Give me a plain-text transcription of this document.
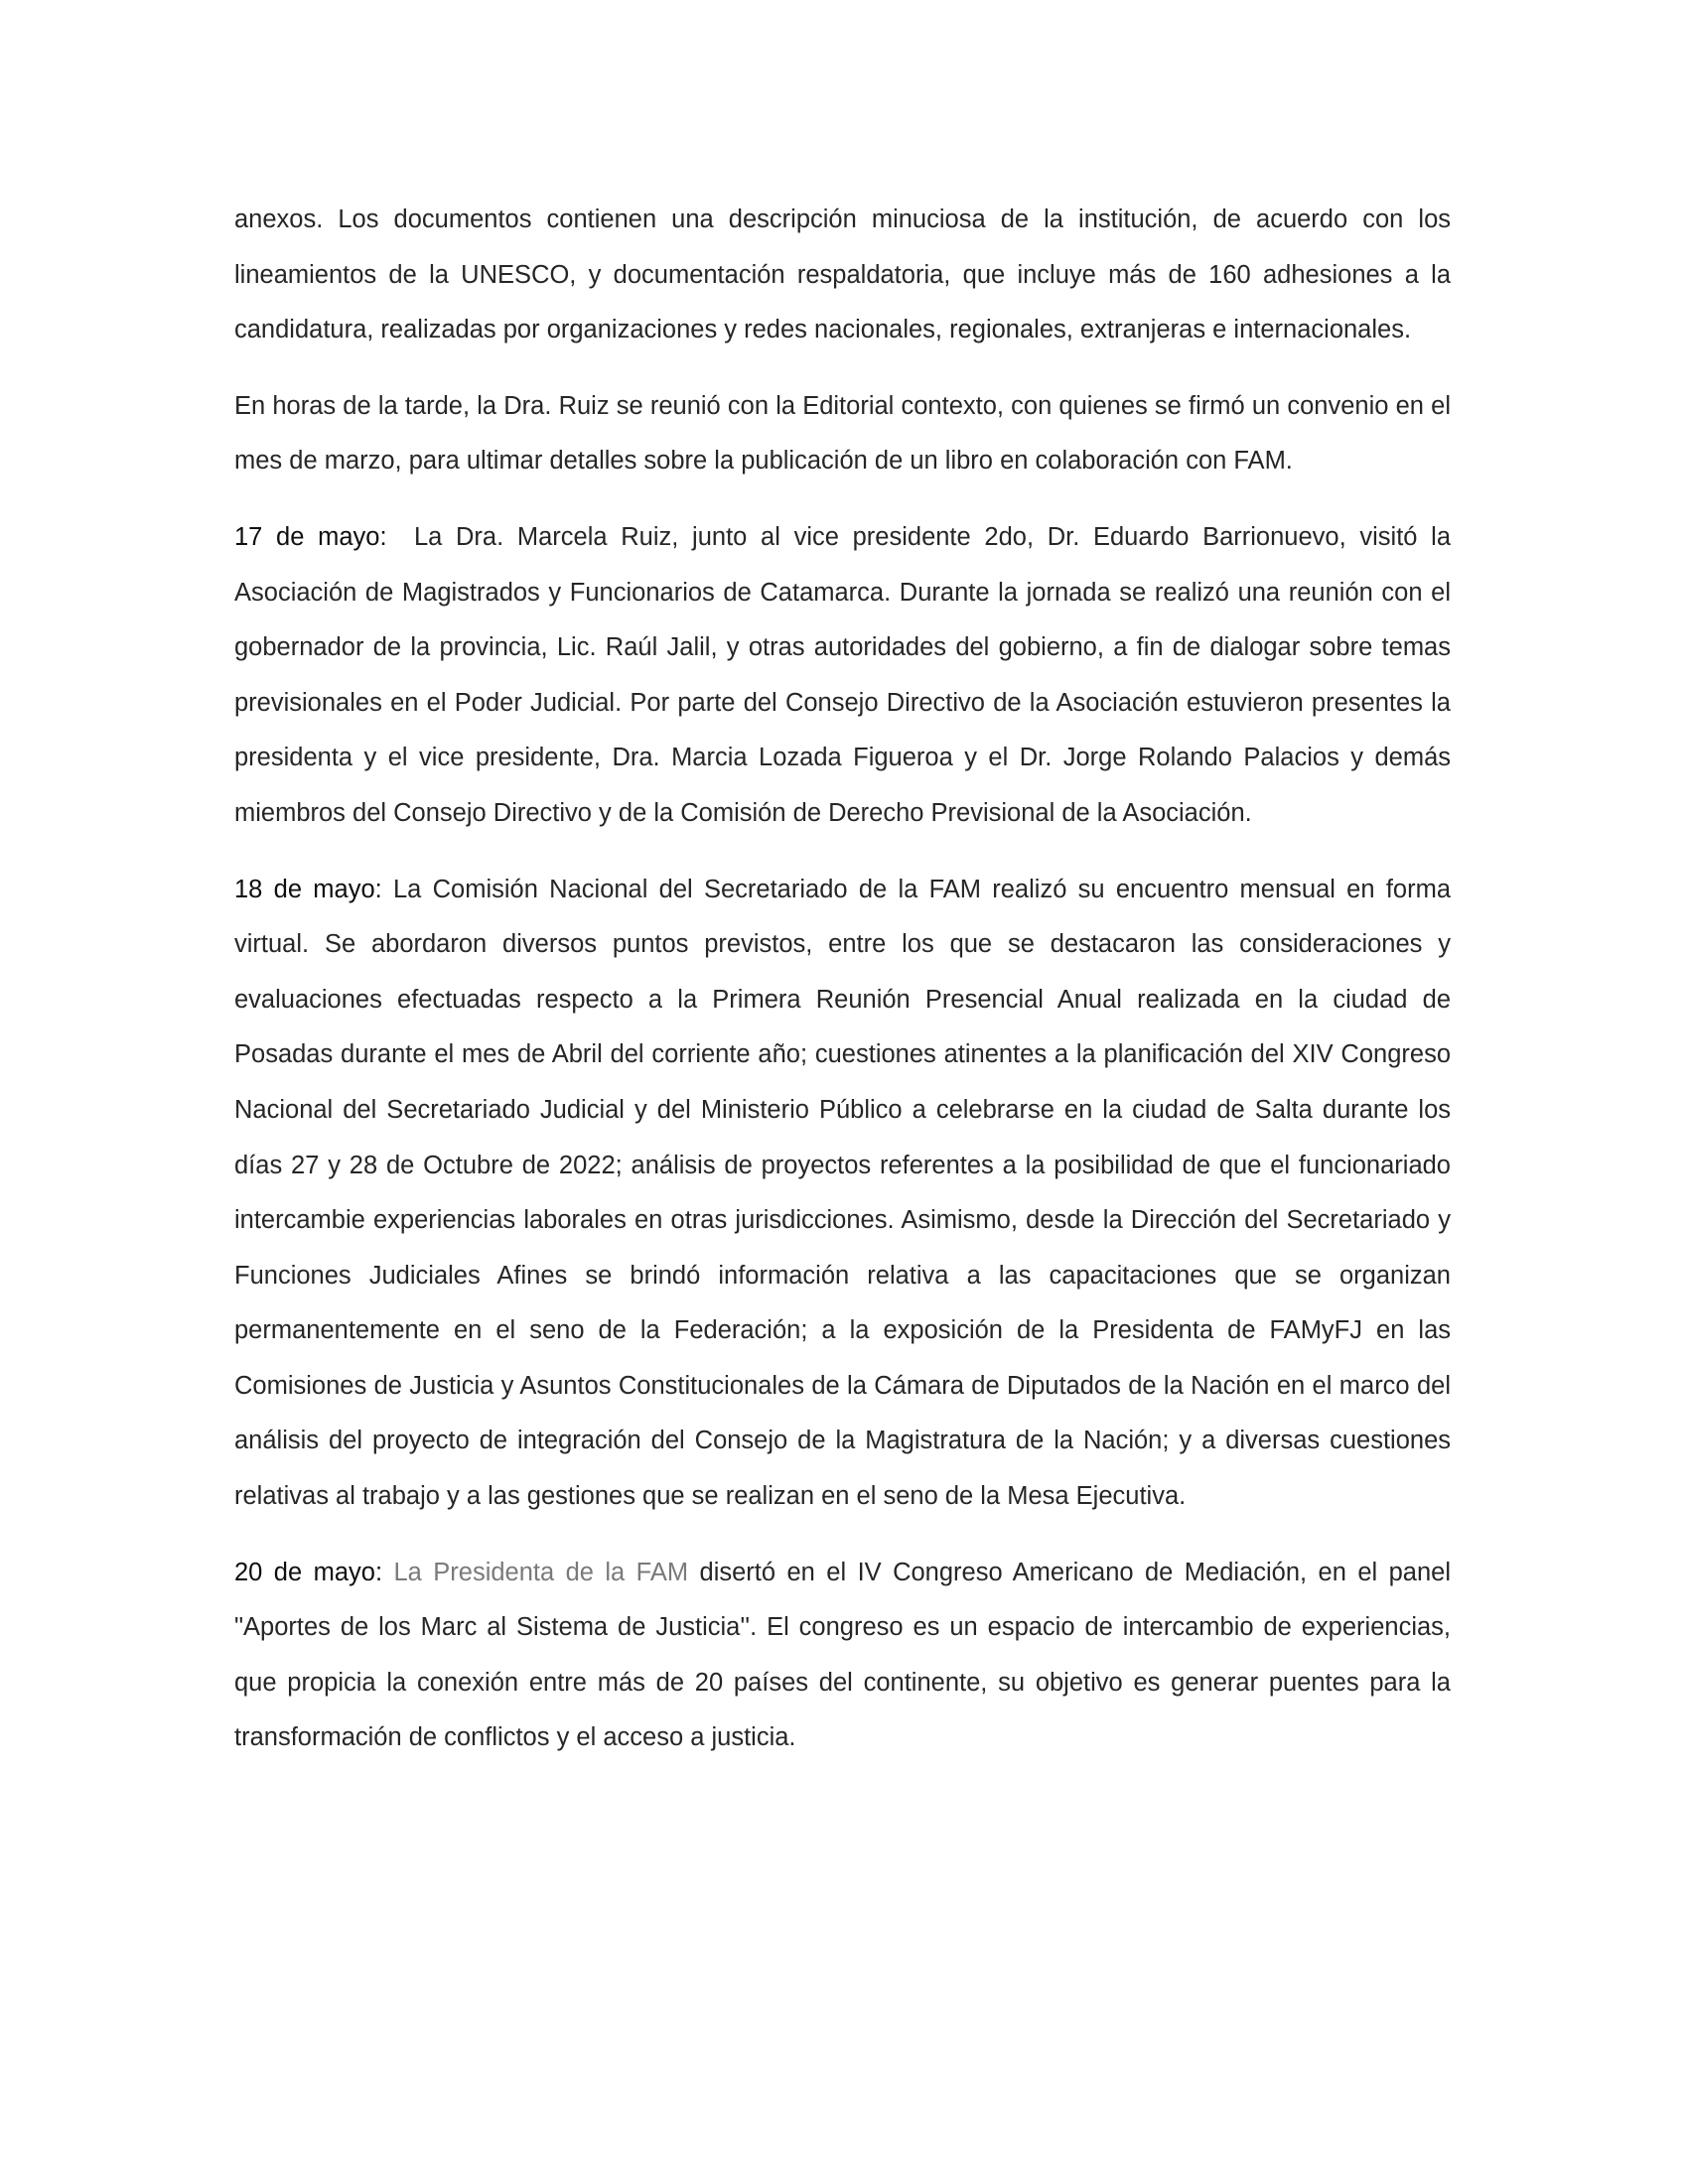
anexos. Los documentos contienen una descripción minuciosa de la institución, de acuerdo con los lineamientos de la UNESCO, y documentación respaldatoria, que incluye más de 160 adhesiones a la candidatura, realizadas por organizaciones y redes nacionales, regionales, extranjeras e internacionales.

En horas de la tarde, la Dra. Ruiz se reunió con la Editorial contexto, con quienes se firmó un convenio en el mes de marzo, para ultimar detalles sobre la publicación de un libro en colaboración con FAM.

17 de mayo: La Dra. Marcela Ruiz, junto al vice presidente 2do, Dr. Eduardo Barrionuevo, visitó la Asociación de Magistrados y Funcionarios de Catamarca. Durante la jornada se realizó una reunión con el gobernador de la provincia, Lic. Raúl Jalil, y otras autoridades del gobierno, a fin de dialogar sobre temas previsionales en el Poder Judicial. Por parte del Consejo Directivo de la Asociación estuvieron presentes la presidenta y el vice presidente, Dra. Marcia Lozada Figueroa y el Dr. Jorge Rolando Palacios y demás miembros del Consejo Directivo y de la Comisión de Derecho Previsional de la Asociación.

18 de mayo: La Comisión Nacional del Secretariado de la FAM realizó su encuentro mensual en forma virtual. Se abordaron diversos puntos previstos, entre los que se destacaron las consideraciones y evaluaciones efectuadas respecto a la Primera Reunión Presencial Anual realizada en la ciudad de Posadas durante el mes de Abril del corriente año; cuestiones atinentes a la planificación del XIV Congreso Nacional del Secretariado Judicial y del Ministerio Público a celebrarse en la ciudad de Salta durante los días 27 y 28 de Octubre de 2022; análisis de proyectos referentes a la posibilidad de que el funcionariado intercambie experiencias laborales en otras jurisdicciones. Asimismo, desde la Dirección del Secretariado y Funciones Judiciales Afines se brindó información relativa a las capacitaciones que se organizan permanentemente en el seno de la Federación; a la exposición de la Presidenta de FAMyFJ en las Comisiones de Justicia y Asuntos Constitucionales de la Cámara de Diputados de la Nación en el marco del análisis del proyecto de integración del Consejo de la Magistratura de la Nación; y a diversas cuestiones relativas al trabajo y a las gestiones que se realizan en el seno de la Mesa Ejecutiva.

20 de mayo: La Presidenta de la FAM disertó en el IV Congreso Americano de Mediación, en el panel "Aportes de los Marc al Sistema de Justicia''. El congreso es un espacio de intercambio de experiencias, que propicia la conexión entre más de 20 países del continente, su objetivo es generar puentes para la transformación de conflictos y el acceso a justicia.
